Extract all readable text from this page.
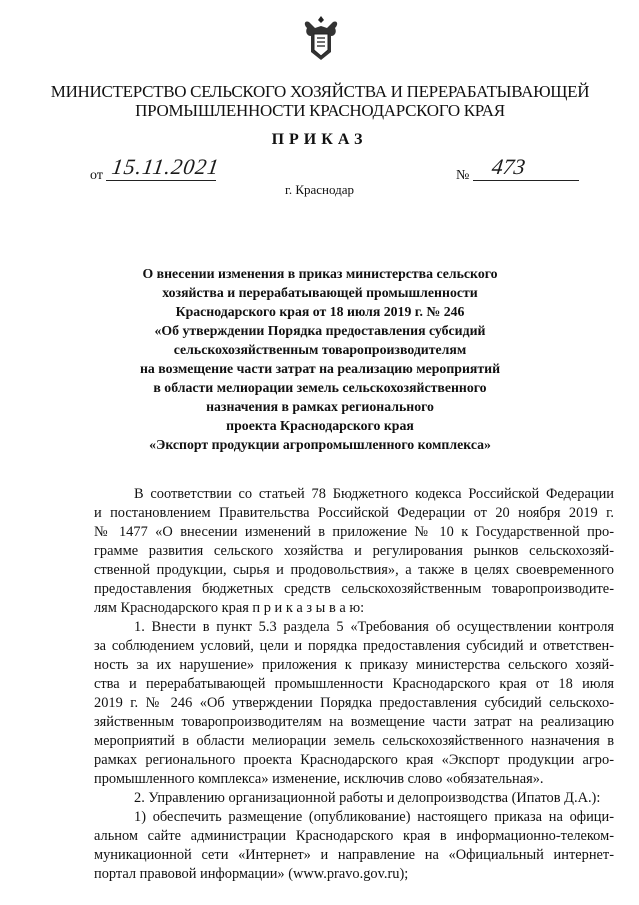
МИНИСТЕРСТВО СЕЛЬСКОГО ХОЗЯЙСТВА И ПЕРЕРАБАТЫВАЮЩЕЙ
ПРОМЫШЛЕННОСТИ КРАСНОДАРСКОГО КРАЯ
ПРИКАЗ
от 15.11.2021	№ 473
г. Краснодар
О внесении изменения в приказ министерства сельского
хозяйства и перерабатывающей промышленности
Краснодарского края от 18 июля 2019 г. № 246
«Об утверждении Порядка предоставления субсидий
сельскохозяйственным товаропроизводителям
на возмещение части затрат на реализацию мероприятий
в области мелиорации земель сельскохозяйственного
назначения в рамках регионального
проекта Краснодарского края
«Экспорт продукции агропромышленного комплекса»
В соответствии со статьей 78 Бюджетного кодекса Российской Федерации
и постановлением Правительства Российской Федерации от 20 ноября 2019 г.
№ 1477 «О внесении изменений в приложение № 10 к Государственной про-
грамме развития сельского хозяйства и регулирования рынков сельскохозяй-
ственной продукции, сырья и продовольствия», а также в целях своевременного
предоставления бюджетных средств сельскохозяйственным товаропроизводите-
лям Краснодарского края п р и к а з ы в а ю:
1. Внести в пункт 5.3 раздела 5 «Требования об осуществлении контроля
за соблюдением условий, цели и порядка предоставления субсидий и ответствен-
ность за их нарушение» приложения к приказу министерства сельского хозяй-
ства и перерабатывающей промышленности Краснодарского края от 18 июля
2019 г. № 246 «Об утверждении Порядка предоставления субсидий сельскохо-
зяйственным товаропроизводителям на возмещение части затрат на реализацию
мероприятий в области мелиорации земель сельскохозяйственного назначения в
рамках регионального проекта Краснодарского края «Экспорт продукции агро-
промышленного комплекса» изменение, исключив слово «обязательная».
2. Управлению организационной работы и делопроизводства (Ипатов Д.А.):
1) обеспечить размещение (опубликование) настоящего приказа на офици-
альном сайте администрации Краснодарского края в информационно-телеком-
муникационной сети «Интернет» и направление на «Официальный интернет-
портал правовой информации» (www.pravo.gov.ru);
